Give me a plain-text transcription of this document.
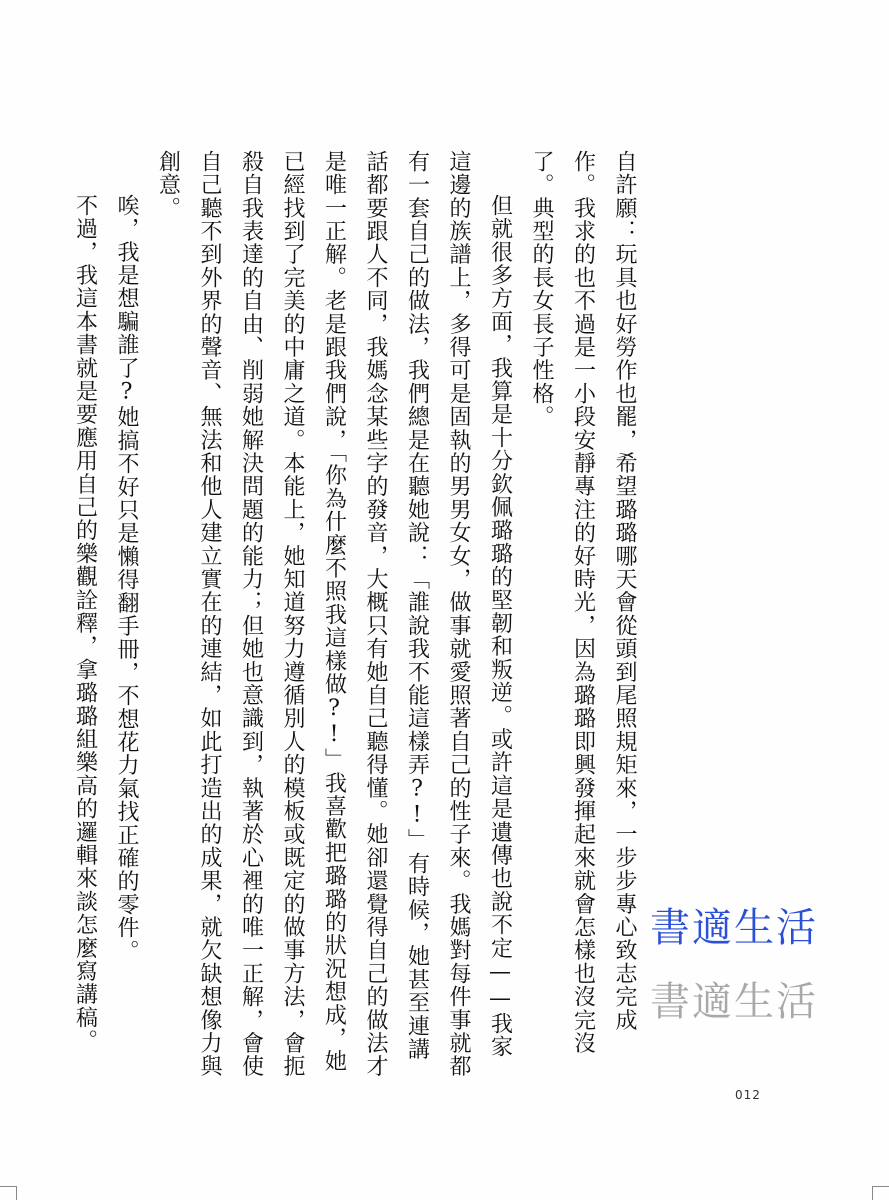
自許願：玩具也好勞作也罷，希望璐璐哪天會從頭到尾照規矩來，一步步專心致志完成

作。我求的也不過是一小段安靜專注的好時光，因為璐璐即興發揮起來就會怎樣也沒完沒

了。典型的長女長子性格。

但就很多方面，我算是十分欽佩璐璐的堅韌和叛逆。或許這是遺傳也說不定——我家這邊的族譜上，多得可是固執的男男女女，做事就愛照著自己的性子來。我媽對每件事就都有一套自己的做法，我們總是在聽她說：「誰說我不能這樣弄?!」有時候，她甚至連講話都要跟人不同，我媽念某些字的發音，大概只有她自己聽得懂。她卻還覺得自己的做法才是唯一正解。老是跟我們說，「你為什麼不照我這樣做?!」我喜歡把璐璐的狀況想成，她已經找到了完美的中庸之道。本能上，她知道努力遵循別人的模板或既定的做事方法，會扼殺自我表達的自由、削弱她解決問題的能力；但她也意識到，執著於心裡的唯一正解，會使自己聽不到外界的聲音、無法和他人建立實在的連結，如此打造出的成果，就欠缺想像力與創意。

唉，我是想騙誰了?她搞不好只是懶得翻手冊，不想花力氣找正確的零件。

不過，我這本書就是要應用自己的樂觀詮釋，拿璐璐組樂高的邏輯來談怎麼寫講稿。

012
書適生活
書適生活
